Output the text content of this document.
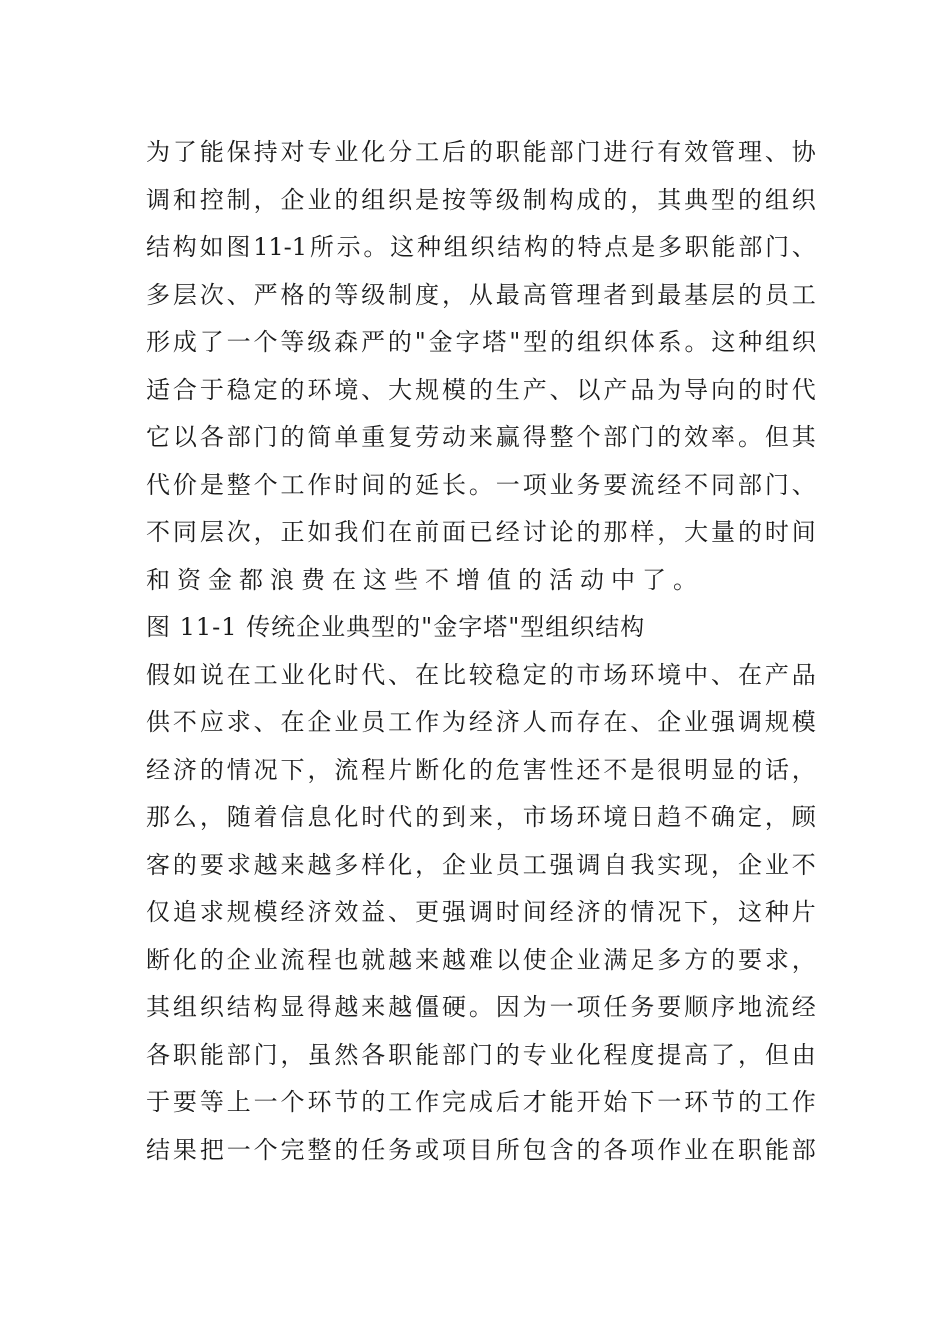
为 了 能 保 持 对 专 业 化 分 工 后 的 职 能 部 门 进 行 有 效 管 理 、 协
调 和 控 制 ， 企 业 的 组 织 是 按 等 级 制 构 成 的 ， 其 典 型 的 组 织
结 构 如 图 11-1 所 示 。 这 种 组 织 结 构 的 特 点 是 多 职 能 部 门 、
多 层 次 、 严 格 的 等 级 制 度 ， 从 最 高 管 理 者 到 最 基 层 的 员 工
形 成 了 一 个 等 级 森 严 的 " 金 字 塔 " 型 的 组 织 体 系 。 这 种 组 织
适 合 于 稳 定 的 环 境 、 大 规 模 的 生 产 、 以 产 品 为 导 向 的 时 代
它 以 各 部 门 的 简 单 重 复 劳 动 来 赢 得 整 个 部 门 的 效 率 。 但 其
代 价 是 整 个 工 作 时 间 的 延 长 。 一 项 业 务 要 流 经 不 同 部 门 、
不 同 层 次 ， 正 如 我 们 在 前 面 已 经 讨 论 的 那 样 ， 大 量 的 时 间
和资金都浪费在这些不增值的活动中了。
图 11-1 传统企业典型的"金字塔"型组织结构
假 如 说 在 工 业 化 时 代 、 在 比 较 稳 定 的 市 场 环 境 中 、 在 产 品
供 不 应 求 、 在 企 业 员 工 作 为 经 济 人 而 存 在 、 企 业 强 调 规 模
经 济 的 情 况 下 ， 流 程 片 断 化 的 危 害 性 还 不 是 很 明 显 的 话 ，
那 么 ， 随 着 信 息 化 时 代 的 到 来 ， 市 场 环 境 日 趋 不 确 定 ， 顾
客 的 要 求 越 来 越 多 样 化 ， 企 业 员 工 强 调 自 我 实 现 ， 企 业 不
仅 追 求 规 模 经 济 效 益 、 更 强 调 时 间 经 济 的 情 况 下 ， 这 种 片
断 化 的 企 业 流 程 也 就 越 来 越 难 以 使 企 业 满 足 多 方 的 要 求 ，
其 组 织 结 构 显 得 越 来 越 僵 硬 。 因 为 一 项 任 务 要 顺 序 地 流 经
各 职 能 部 门 ， 虽 然 各 职 能 部 门 的 专 业 化 程 度 提 高 了 ， 但 由
于 要 等 上 一 个 环 节 的 工 作 完 成 后 才 能 开 始 下 一 环 节 的 工 作
结 果 把 一 个 完 整 的 任 务 或 项 目 所 包 含 的 各 项 作 业 在 职 能 部
